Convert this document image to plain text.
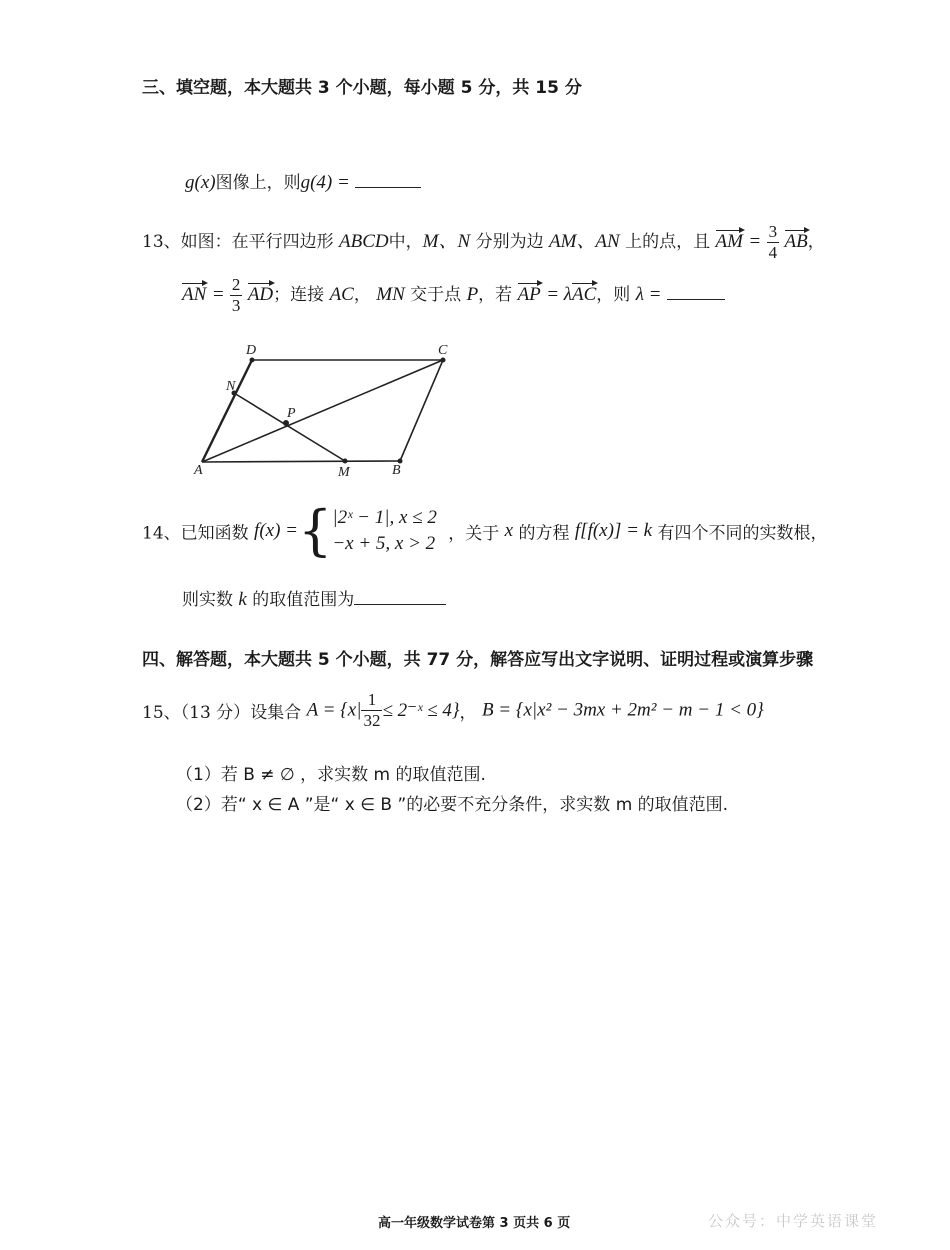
三、填空题，本大题共 3 个小题，每小题 5 分，共 15 分
g(x)图像上，则g(4) =
13、如图：在平行四边形 ABCD中，M、N 分别为边 AM、AN 上的点，且 AM = $\frac{3}{4}$ AB，
AN = $\frac{2}{3}$ AD；连接 AC， MN 交于点 P，若 AP = λAC，则 λ =
D	C
N
P
A	M	B
14、已知函数 f(x) ={ |2ˣ − 1|, x ≤ 2
−x + 5, x > 2 ，关于 x 的方程 f[f(x)] = k 有四个不同的实数根，
则实数 k 的取值范围为
四、解答题，本大题共 5 个小题，共 77 分，解答应写出文字说明、证明过程或演算步骤
15、（13 分）设集合 $A = \{x| \frac{1}{32}$ ≤ 2⁻ˣ ≤ 4}， B = {x|x² − 3mx + 2m² − m − 1 < 0}
（1）若 B ≠ ∅ ，求实数 m 的取值范围.
（2）若“ x ∈ A ”是“ x ∈ B ”的必要不充分条件，求实数 m 的取值范围.
高一年级数学试卷第 3 页共 6 页	公众号：中学英语课堂
